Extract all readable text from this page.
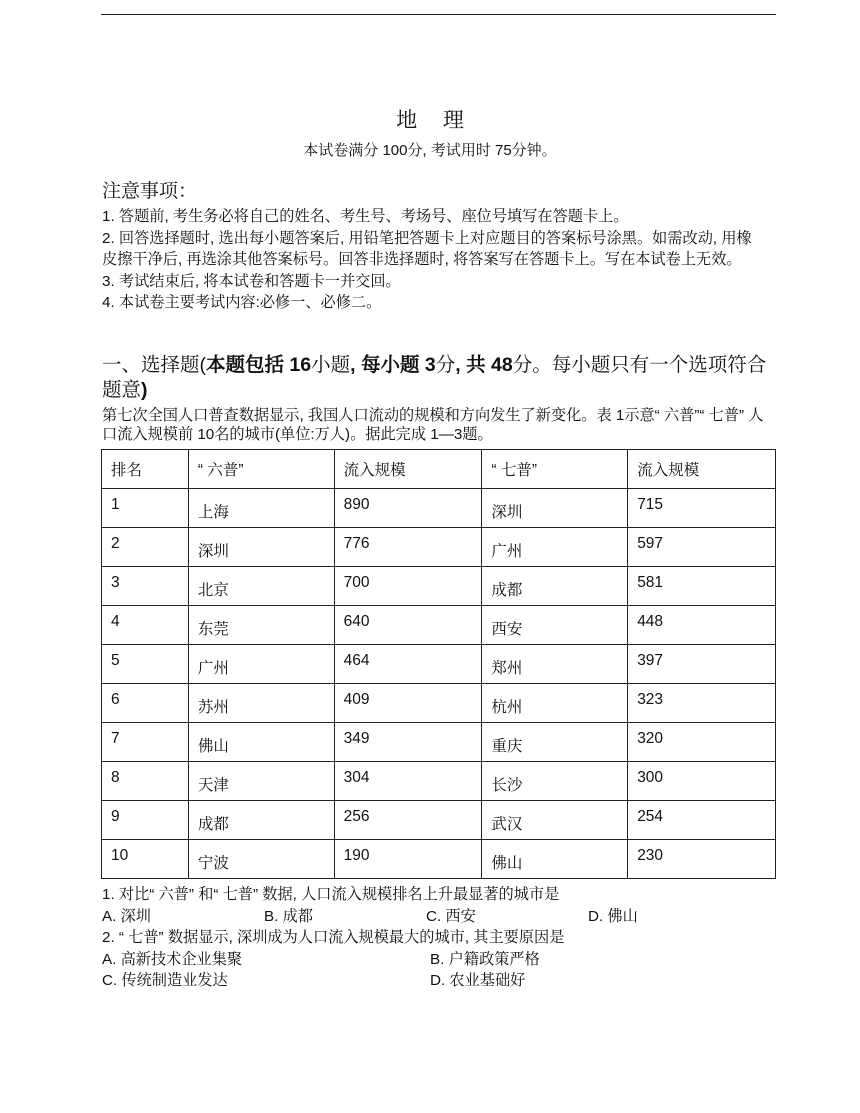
地 理
本试卷满分 100分, 考试用时 75分钟。
注意事项：

1. 答题前, 考生务必将自己的姓名、考生号、考场号、座位号填写在答题卡上。

2. 回答选择题时, 选出每小题答案后, 用铅笔把答题卡上对应题目的答案标号涂黑。如需改动, 用橡皮擦干净后, 再选涂其他答案标号。回答非选择题时, 将答案写在答题卡上。写在本试卷上无效。

3. 考试结束后, 将本试卷和答题卡一并交回。

4. 本试卷主要考试内容:必修一、必修二。

一、选择题(本题包括 16小题, 每小题 3分, 共 48分。每小题只有一个选项符合题意)
第七次全国人口普查数据显示, 我国人口流动的规模和方向发生了新变化。表 1示意“ 六普”“ 七普” 人口流入规模前 10名的城市(单位:万人)。据此完成 1—3题。
排名	“ 六普”	流入规模	“ 七普”	流入规模
1	上海	890	深圳	715
2	深圳	776	广州	597
3	北京	700	成都	581
4	东莞	640	西安	448
5	广州	464	郑州	397
6	苏州	409	杭州	323
7	佛山	349	重庆	320
8	天津	304	长沙	300
9	成都	256	武汉	254
10	宁波	190	佛山	230

1. 对比“ 六普” 和“ 七普” 数据, 人口流入规模排名上升最显著的城市是

A. 深圳	B. 成都	C. 西安	D. 佛山

2. “ 七普” 数据显示, 深圳成为人口流入规模最大的城市, 其主要原因是

A. 高新技术企业集聚	B. 户籍政策严格
C. 传统制造业发达	D. 农业基础好
